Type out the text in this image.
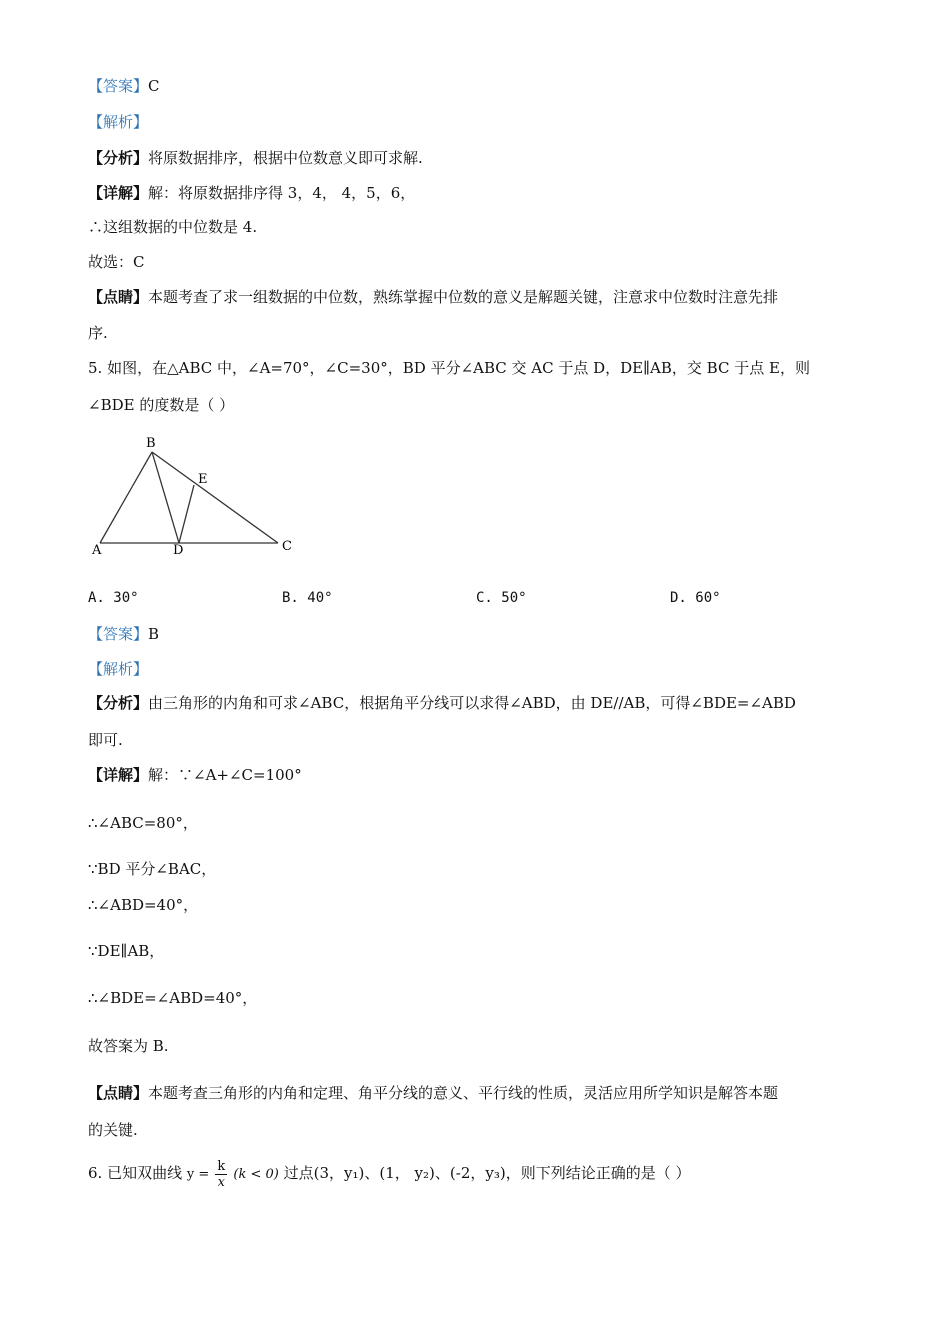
【答案】C
【解析】
【分析】将原数据排序，根据中位数意义即可求解.
【详解】解：将原数据排序得 3，4， 4，5，6，
∴这组数据的中位数是 4.
故选：C
【点睛】本题考查了求一组数据的中位数，熟练掌握中位数的意义是解题关键，注意求中位数时注意先排
序.
5. 如图，在△ABC 中，∠A=70°，∠C=30°，BD 平分∠ABC 交 AC 于点 D，DE∥AB，交 BC 于点 E，则
∠BDE 的度数是（ ）
B
E
A	D	C
A. 30°	B. 40°	C. 50°	D. 60°
【答案】B
【解析】
【分析】由三角形的内角和可求∠ABC，根据角平分线可以求得∠ABD，由 DE//AB，可得∠BDE=∠ABD
即可.
【详解】解：∵∠A+∠C=100°
∴∠ABC=80°，
∵BD 平分∠BAC，
∴∠ABD=40°，
∵DE∥AB，
∴∠BDE=∠ABD=40°，
故答案为 B.
【点睛】本题考查三角形的内角和定理、角平分线的意义、平行线的性质，灵活应用所学知识是解答本题
的关键.
6. 已知双曲线 $y = \frac{k}{x} (k < 0)$ 过点(3，y₁)、(1， y₂)、(-2，y₃)，则下列结论正确的是（ ）
